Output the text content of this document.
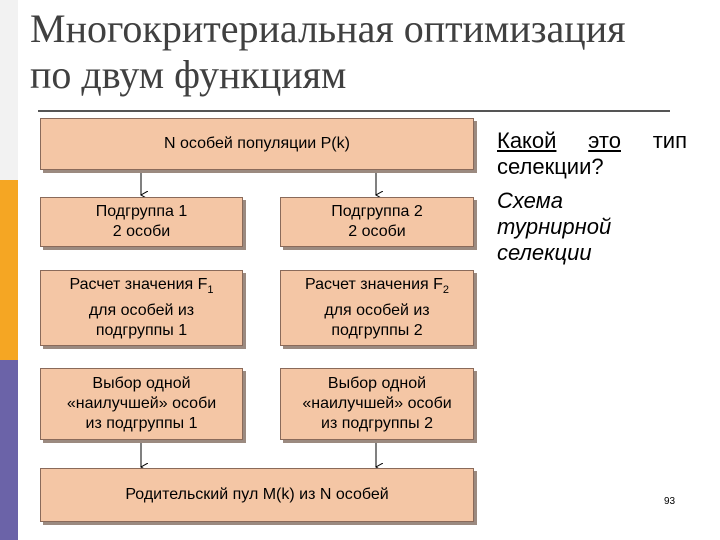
Многокритериальная оптимизация
по двум функциям
N особей популяции P(k)
Подгруппа 1
2 особи
Подгруппа 2
2 особи
Расчет значения $F_1$
для особей из
подгруппы 1
Расчет значения $F_2$
для особей из
подгруппы 2
Выбор одной
«наилучшей» особи
из подгруппы 1
Выбор одной
«наилучшей» особи
из подгруппы 2
Родительский пул M(k) из N особей
Какой это тип
селекции?
Схема
турнирной
селекции
93
